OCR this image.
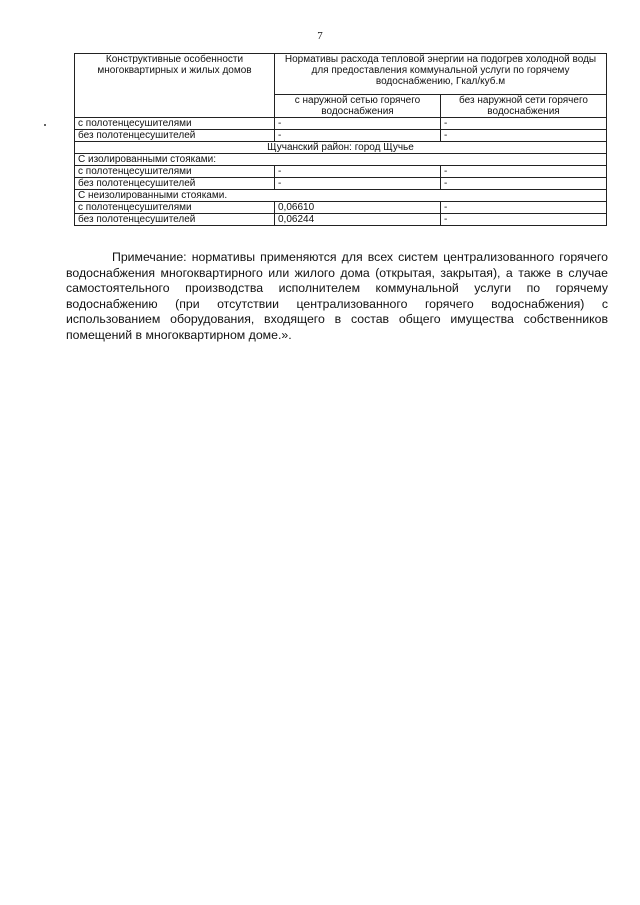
7
Конструктивные особенности многоквартирных и жилых домов	Нормативы расхода тепловой энергии на подогрев холодной воды для предоставления коммунальной услуги по горячему водоснабжению, Гкал/куб.м	
	с наружной сетью горячего водоснабжения	без наружной сети горячего водоснабжения
с полотенцесушителями	-	-
без полотенцесушителей	-	-
Щучанский район: город Щучье		
С изолированными стояками:		
с полотенцесушителями	-	-
без полотенцесушителей	-	-
С неизолированными стояками.		
с полотенцесушителями	0,06610	-
без полотенцесушителей	0,06244	-

Примечание: нормативы применяются для всех систем централизованного горячего водоснабжения многоквартирного или жилого дома (открытая, закрытая), а также в случае самостоятельного производства исполнителем коммунальной услуги по горячему водоснабжению (при отсутствии централизованного горячего водоснабжения) с использованием оборудования, входящего в состав общего имущества собственников помещений в многоквартирном доме.».
